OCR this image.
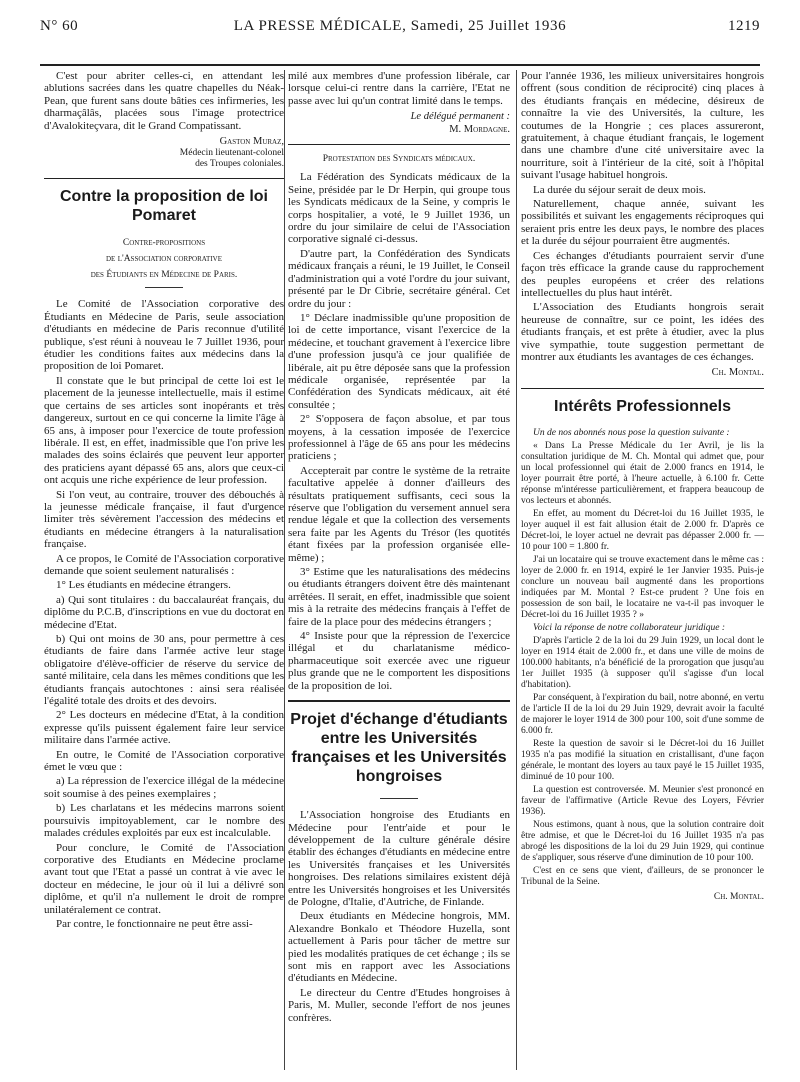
N° 60	LA PRESSE MÉDICALE, Samedi, 25 Juillet 1936	1219

C'est pour abriter celles-ci, en attendant les ablutions sacrées dans les quatre chapelles du Néak-Pean, que furent sans doute bâties ces infirmeries, les dharmaçâlâs, placées sous l'image protectrice d'Avalokiteçvara, dit le Grand Compatissant.

Gaston Muraz,
Médecin lieutenant-colonel
des Troupes coloniales.
Contre la proposition de loi Pomaret
Contre-propositions
de l'Association corporative
des Étudiants en Médecine de Paris.

Le Comité de l'Association corporative des Étudiants en Médecine de Paris, seule association d'étudiants en médecine de Paris reconnue d'utilité publique, s'est réuni à nouveau le 7 Juillet 1936, pour étudier les conditions faites aux médecins dans la proposition de loi Pomaret.

Il constate que le but principal de cette loi est le placement de la jeunesse intellectuelle, mais il estime que certains de ses articles sont inopérants et très dangereux, surtout en ce qui concerne la limite l'âge à 65 ans, à imposer pour l'exercice de toute profession libérale. Il est, en effet, inadmissible que l'on prive les malades des soins éclairés que peuvent leur apporter des praticiens ayant dépassé 65 ans, alors que ceux-ci ont acquis une riche expérience de leur profession.

Si l'on veut, au contraire, trouver des débouchés à la jeunesse médicale française, il faut d'urgence limiter très sévèrement l'accession des médecins et étudiants en médecine étrangers à la naturalisation française.

A ce propos, le Comité de l'Association corporative demande que soient seulement naturalisés :

1° Les étudiants en médecine étrangers.

a) Qui sont titulaires : du baccalauréat français, du diplôme du P.C.B, d'inscriptions en vue du doctorat en médecine d'Etat.

b) Qui ont moins de 30 ans, pour permettre à ces étudiants de faire dans l'armée active leur stage obligatoire d'élève-officier de réserve du service de santé militaire, cela dans les mêmes conditions que les étudiants français autochtones : ainsi sera réalisée l'égalité totale des droits et des devoirs.

2° Les docteurs en médecine d'Etat, à la condition expresse qu'ils puissent également faire leur service militaire dans l'armée active.

En outre, le Comité de l'Association corporative émet le vœu que :

a) La répression de l'exercice illégal de la médecine soit soumise à des peines exemplaires ;

b) Les charlatans et les médecins marrons soient poursuivis impitoyablement, car le nombre des malades crédules exploités par eux est incalculable.

Pour conclure, le Comité de l'Association corporative des Etudiants en Médecine proclame avant tout que l'Etat a passé un contrat à vie avec le docteur en médecine, le jour où il lui a délivré son diplôme, et qu'il n'a nullement le droit de rompre unilatéralement ce contrat.

Par contre, le fonctionnaire ne peut être assi-

milé aux membres d'une profession libérale, car lorsque celui-ci rentre dans la carrière, l'Etat ne passe avec lui qu'un contrat limité dans le temps.

Le délégué permanent :
M. Mordagne.
Protestation des Syndicats médicaux.

La Fédération des Syndicats médicaux de la Seine, présidée par le Dr Herpin, qui groupe tous les Syndicats médicaux de la Seine, y compris le corps hospitalier, a voté, le 9 Juillet 1936, un ordre du jour similaire de celui de l'Association corporative signalé ci-dessus.

D'autre part, la Confédération des Syndicats médicaux français a réuni, le 19 Juillet, le Conseil d'administration qui a voté l'ordre du jour suivant, présenté par le Dr Cibrie, secrétaire général. Cet ordre du jour :

1° Déclare inadmissible qu'une proposition de loi de cette importance, visant l'exercice de la médecine, et touchant gravement à l'exercice libre d'une profession jusqu'à ce jour qualifiée de libérale, ait pu être déposée sans que la profession médicale organisée, représentée par la Confédération des Syndicats médicaux, ait été consultée ;

2° S'opposera de façon absolue, et par tous moyens, à la cessation imposée de l'exercice professionnel à l'âge de 65 ans pour les médecins praticiens ;

Accepterait par contre le système de la retraite facultative appelée à donner d'ailleurs des résultats pratiquement suffisants, ceci sous la réserve que l'obligation du versement annuel sera rendue légale et que la collection des versements sera faite par les Agents du Trésor (les quotités étant fixées par la profession organisée elle-même) ;

3° Estime que les naturalisations des médecins ou étudiants étrangers doivent être dès maintenant arrêtées. Il serait, en effet, inadmissible que soient mis à la retraite des médecins français à l'effet de faire de la place pour des médecins étrangers ;

4° Insiste pour que la répression de l'exercice illégal et du charlatanisme médico-pharmaceutique soit exercée avec une rigueur plus grande que ne le comportent les dispositions de la proposition de loi.

Projet d'échange d'étudiants entre les Universités françaises et les Universités hongroises

L'Association hongroise des Etudiants en Médecine pour l'entr'aide et pour le développement de la culture générale désire établir des échanges d'étudiants en médecine entre les Universités françaises et les Universités hongroises. Des relations similaires existent déjà entre les Universités hongroises et les Universités de Pologne, d'Italie, d'Autriche, de Finlande.

Deux étudiants en Médecine hongrois, MM. Alexandre Bonkalo et Théodore Huzella, sont actuellement à Paris pour tâcher de mettre sur pied les modalités pratiques de cet échange ; ils se sont mis en rapport avec les Associations d'étudiants en Médecine.

Le directeur du Centre d'Etudes hongroises à Paris, M. Muller, seconde l'effort de nos jeunes confrères.

Pour l'année 1936, les milieux universitaires hongrois offrent (sous condition de réciprocité) cinq places à des étudiants français en médecine, désireux de connaître la vie des Universités, la culture, les coutumes de la Hongrie ; ces places assureront, gratuitement, à chaque étudiant français, le logement dans une chambre d'une cité universitaire avec la nourriture, soit à l'intérieur de la cité, soit à l'hôpital suivant l'usage habituel hongrois.

La durée du séjour serait de deux mois.

Naturellement, chaque année, suivant les possibilités et suivant les engagements réciproques qui seraient pris entre les deux pays, le nombre des places et la durée du séjour pourraient être augmentés.

Ces échanges d'étudiants pourraient servir d'une façon très efficace la grande cause du rapprochement des peuples européens et créer des relations intellectuelles du plus haut intérêt.

L'Association des Etudiants hongrois serait heureuse de connaître, sur ce point, les idées des étudiants français, et est prête à étudier, avec la plus vive sympathie, toute suggestion permettant de montrer aux étudiants les avantages de ces échanges.

Ch. Montal.
Intérêts Professionnels

Un de nos abonnés nous pose la question suivante :

« Dans La Presse Médicale du 1er Avril, je lis la consultation juridique de M. Ch. Montal qui admet que, pour un local professionnel qui était de 2.000 francs en 1914, le loyer pourrait être porté, à l'heure actuelle, à 6.100 fr. Cette réponse m'intéresse particulièrement, et frappera beaucoup de vos lecteurs et abonnés.

En effet, au moment du Décret-loi du 16 Juillet 1935, le loyer auquel il est fait allusion était de 2.000 fr. D'après ce Décret-loi, le loyer actuel ne devrait pas dépasser 2.000 fr. — 10 pour 100 = 1.800 fr.

J'ai un locataire qui se trouve exactement dans le même cas : loyer de 2.000 fr. en 1914, expiré le 1er Janvier 1935. Puis-je conclure un nouveau bail augmenté dans les proportions indiquées par M. Montal ? Est-ce prudent ? Une fois en possession de son bail, le locataire ne va-t-il pas invoquer le Décret-loi du 16 Juillet 1935 ? »

Voici la réponse de notre collaborateur juridique :

D'après l'article 2 de la loi du 29 Juin 1929, un local dont le loyer en 1914 était de 2.000 fr., et dans une ville de moins de 100.000 habitants, n'a bénéficié de la prorogation que jusqu'au 1er Juillet 1935 (à supposer qu'il s'agisse d'un local d'habitation).

Par conséquent, à l'expiration du bail, notre abonné, en vertu de l'article II de la loi du 29 Juin 1929, devrait avoir la faculté de majorer le loyer 1914 de 300 pour 100, soit d'une somme de 6.000 fr.

Reste la question de savoir si le Décret-loi du 16 Juillet 1935 n'a pas modifié la situation en cristallisant, d'une façon générale, le montant des loyers au taux payé le 15 Juillet 1935, diminué de 10 pour 100.

La question est controversée. M. Meunier s'est prononcé en faveur de l'affirmative (Article Revue des Loyers, Février 1936).

Nous estimons, quant à nous, que la solution contraire doit être admise, et que le Décret-loi du 16 Juillet 1935 n'a pas abrogé les dispositions de la loi du 29 Juin 1929, qui continue de s'appliquer, sous réserve d'une diminution de 10 pour 100.

C'est en ce sens que vient, d'ailleurs, de se prononcer le Tribunal de la Seine.

Ch. Montal.
